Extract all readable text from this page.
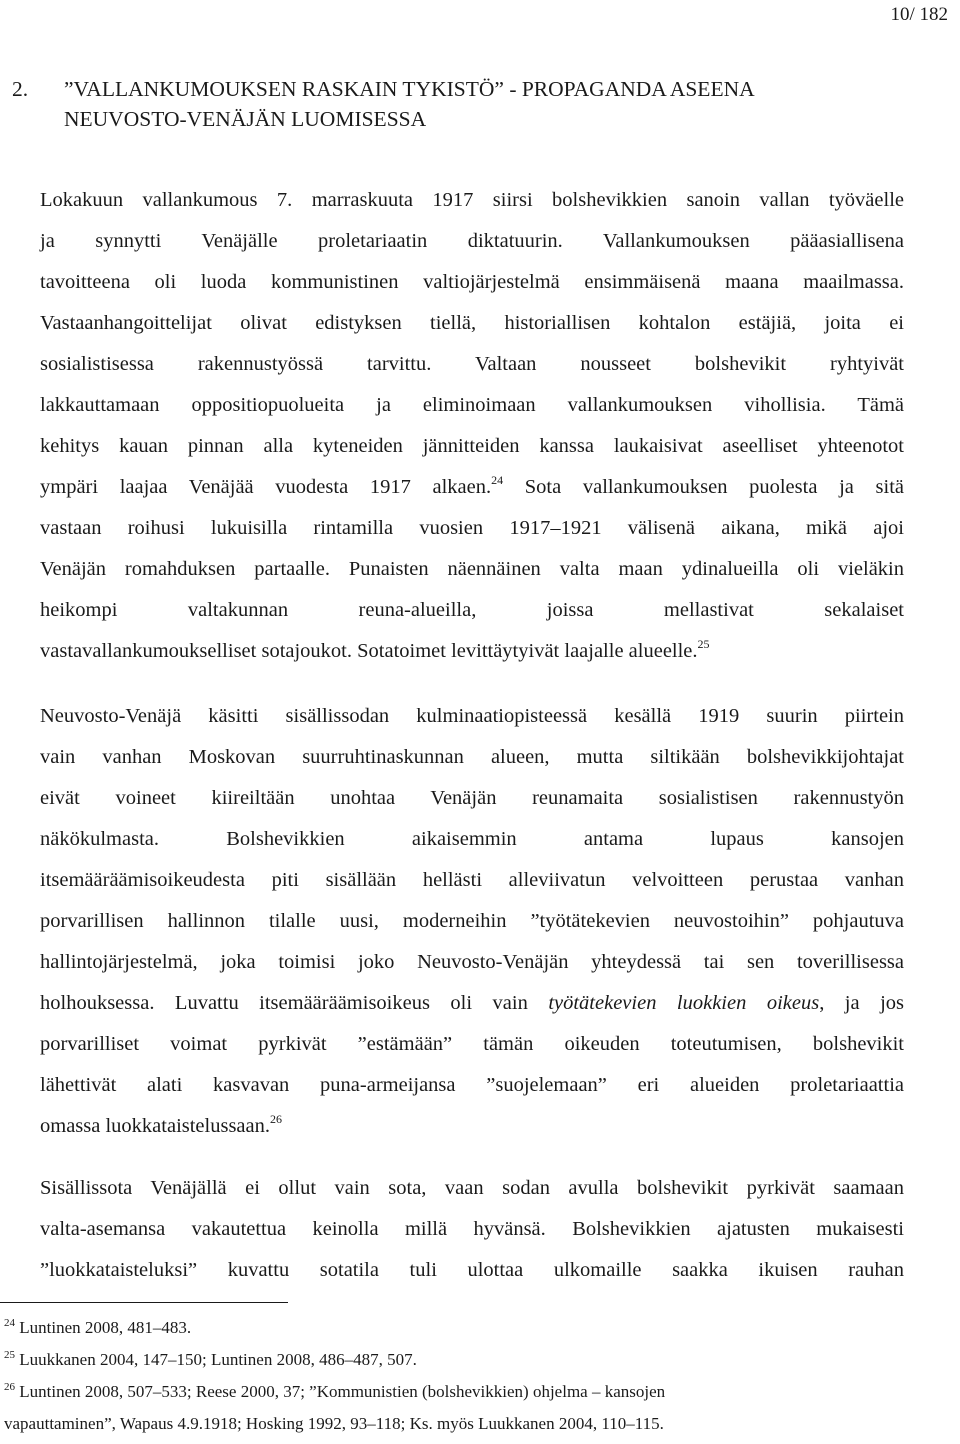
10/ 182
2. ”VALLANKUMOUKSEN RASKAIN TYKISTÖ” - PROPAGANDA ASEENA
NEUVOSTO-VENÄJÄN LUOMISESSA
Lokakuun vallankumous 7. marraskuuta 1917 siirsi bolshevikkien sanoin vallan työväelle
ja synnytti Venäjälle proletariaatin diktatuurin. Vallankumouksen pääasiallisena
tavoitteena oli luoda kommunistinen valtiojärjestelmä ensimmäisenä maana maailmassa.
Vastaanhangoittelijat olivat edistyksen tiellä, historiallisen kohtalon estäjiä, joita ei
sosialistisessa rakennustyössä tarvittu. Valtaan nousseet bolshevikit ryhtyivät
lakkauttamaan oppositiopuolueita ja eliminoimaan vallankumouksen vihollisia. Tämä
kehitys kauan pinnan alla kyteneiden jännitteiden kanssa laukaisivat aseelliset yhteenotot
ympäri laajaa Venäjää vuodesta 1917 alkaen.$^{24}$ Sota vallankumouksen puolesta ja sitä
vastaan roihusi lukuisilla rintamilla vuosien 1917–1921 välisenä aikana, mikä ajoi
Venäjän romahduksen partaalle. Punaisten näennäinen valta maan ydinalueilla oli vieläkin
heikompi valtakunnan reuna-alueilla, joissa mellastivat sekalaiset
vastavallankumoukselliset sotajoukot. Sotatoimet levittäytyivät laajalle alueelle.$^{25}$
Neuvosto-Venäjä käsitti sisällissodan kulminaatiopisteessä kesällä 1919 suurin piirtein
vain vanhan Moskovan suurruhtinaskunnan alueen, mutta siltikään bolshevikkijohtajat
eivät voineet kiireiltään unohtaa Venäjän reunamaita sosialistisen rakennustyön
näkökulmasta. Bolshevikkien aikaisemmin antama lupaus kansojen
itsemääräämisoikeudesta piti sisällään hellästi alleviivatun velvoitteen perustaa vanhan
porvarillisen hallinnon tilalle uusi, moderneihin ”työtätekevien neuvostoihin” pohjautuva
hallintojärjestelmä, joka toimisi joko Neuvosto-Venäjän yhteydessä tai sen toverillisessa
holhouksessa. Luvattu itsemääräämisoikeus oli vain työtätekevien luokkien oikeus, ja jos
porvarilliset voimat pyrkivät ”estämään” tämän oikeuden toteutumisen, bolshevikit
lähettivät alati kasvavan puna-armeijansa ”suojelemaan” eri alueiden proletariaattia
omassa luokkataistelussaan.$^{26}$
Sisällissota Venäjällä ei ollut vain sota, vaan sodan avulla bolshevikit pyrkivät saamaan
valta-asemansa vakautettua keinolla millä hyvänsä. Bolshevikkien ajatusten mukaisesti
”luokkataisteluksi” kuvattu sotatila tuli ulottaa ulkomaille saakka ikuisen rauhan
$^{24}$ Luntinen 2008, 481–483.
$^{25}$ Luukkanen 2004, 147–150; Luntinen 2008, 486–487, 507.
$^{26}$ Luntinen 2008, 507–533; Reese 2000, 37; ”Kommunistien (bolshevikkien) ohjelma – kansojen
vapauttaminen”, Wapaus 4.9.1918; Hosking 1992, 93–118; Ks. myös Luukkanen 2004, 110–115.
